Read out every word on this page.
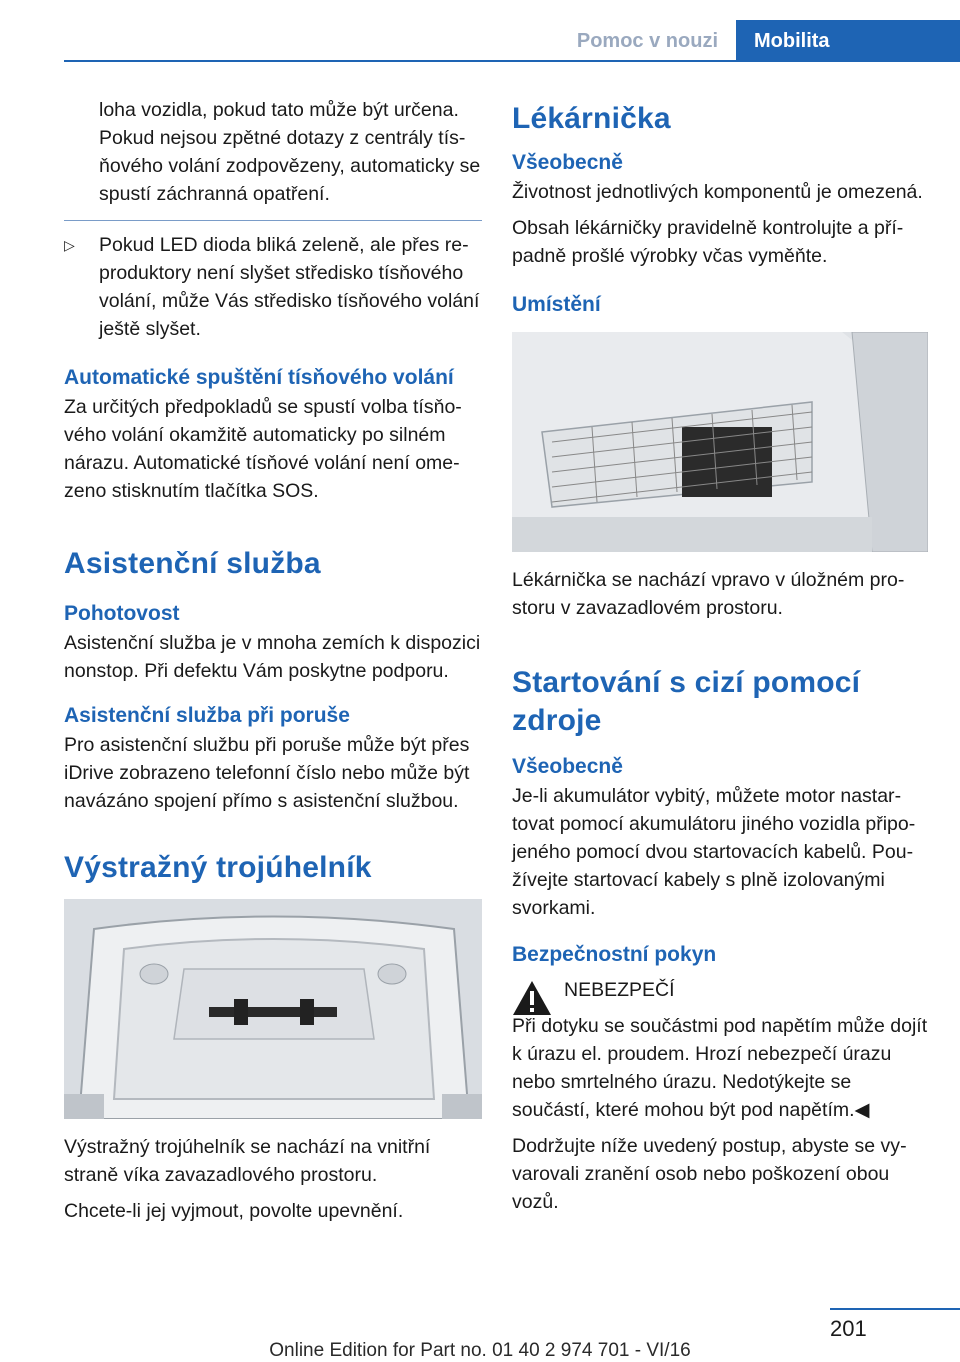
Pomoc v nouzi	Mobilita

loha vozidla, pokud tato může být určena. Pokud nejsou zpětné dotazy z centrály tísňového volání zodpovězeny, automaticky se spustí záchranná opatření.

▷ Pokud LED dioda bliká zeleně, ale přes reproduktory není slyšet středisko tísňového volání, může Vás středisko tísňového volání ještě slyšet.

Automatické spuštění tísňového volání

Za určitých předpokladů se spustí volba tísňového volání okamžitě automaticky po silném nárazu. Automatické tísňové volání není omezeno stisknutím tlačítka SOS.

Asistenční služba
Pohotovost

Asistenční služba je v mnoha zemích k dispozici nonstop. Při defektu Vám poskytne podporu.

Asistenční služba při poruše

Pro asistenční službu při poruše může být přes iDrive zobrazeno telefonní číslo nebo může být navázáno spojení přímo s asistenční službou.

Výstražný trojúhelník

Výstražný trojúhelník se nachází na vnitřní straně víka zavazadlového prostoru.

Chcete-li jej vyjmout, povolte upevnění.

Lékárnička
Všeobecně

Životnost jednotlivých komponentů je omezená.

Obsah lékárničky pravidelně kontrolujte a případně prošlé výrobky včas vyměňte.

Umístění

Lékárnička se nachází vpravo v úložném prostoru v zavazadlovém prostoru.

Startování s cizí pomocí zdroje
Všeobecně

Je-li akumulátor vybitý, můžete motor nastartovat pomocí akumulátoru jiného vozidla připojeného pomocí dvou startovacích kabelů. Používejte startovací kabely s plně izolovanými svorkami.

Bezpečnostní pokyn

NEBEZPEČÍ

Při dotyku se součástmi pod napětím může dojít k úrazu el. proudem. Hrozí nebezpečí úrazu nebo smrtelného úrazu. Nedotýkejte se součástí, které mohou být pod napětím.◀

Dodržujte níže uvedený postup, abyste se vyvarovali zranění osob nebo poškození obou vozů.

201
Online Edition for Part no. 01 40 2 974 701 - VI/16
